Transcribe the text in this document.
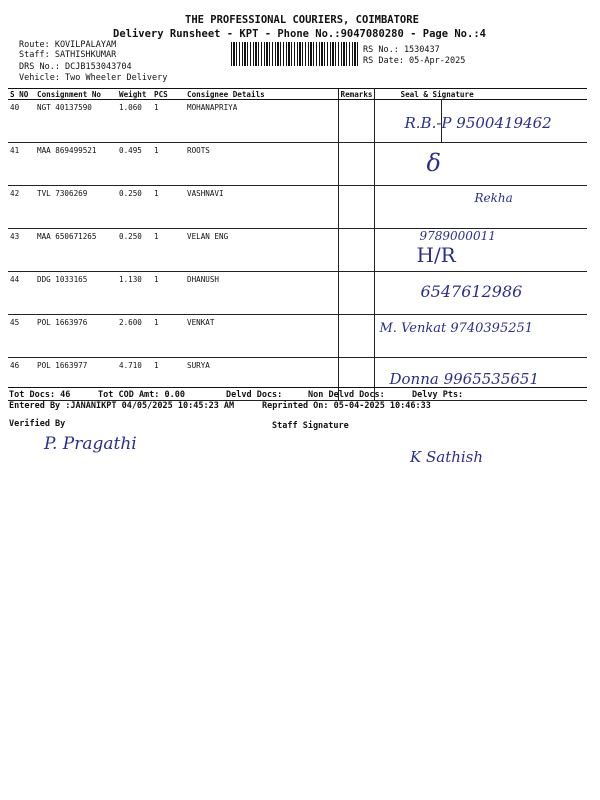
THE PROFESSIONAL COURIERS, COIMBATORE
Delivery Runsheet - KPT - Phone No.:9047080280 - Page No.:4
Route: KOVILPALAYAM
Staff: SATHISHKUMAR
DRS No.: DCJB153043704
Vehicle: Two Wheeler Delivery
RS No.: 1530437
RS Date: 05-Apr-2025
S NO	Consignment No	Weight	PCS	Consignee Details	Remarks	Seal & Signature
40	NGT 40137590	1.060	1	MOHANAPRIYA		R.B.-P 9500419462

41	MAA 869499521	0.495	1	ROOTS		δ

42	TVL 7306269	0.250	1	VASHNAVI		Rekha

43	MAA 650671265	0.250	1	VELAN ENG		9789000011
H/R

44	DDG 1033165	1.130	1	DHANUSH		6547612986

45	POL 1663976	2.600	1	VENKAT		M. Venkat 9740395251

46	POL 1663977	4.710	1	SURYA		Donna 9965535651
Tot Docs: 46	Tot COD Amt: 0.00	Delvd Docs:	Non Delvd Docs:	Delvy Pts:
Entered By :JANANIKPT 04/05/2025 10:45:23 AM	Reprinted On: 05-04-2025 10:46:33
Verified By	Staff Signature
P. Pragathi
K Sathish
